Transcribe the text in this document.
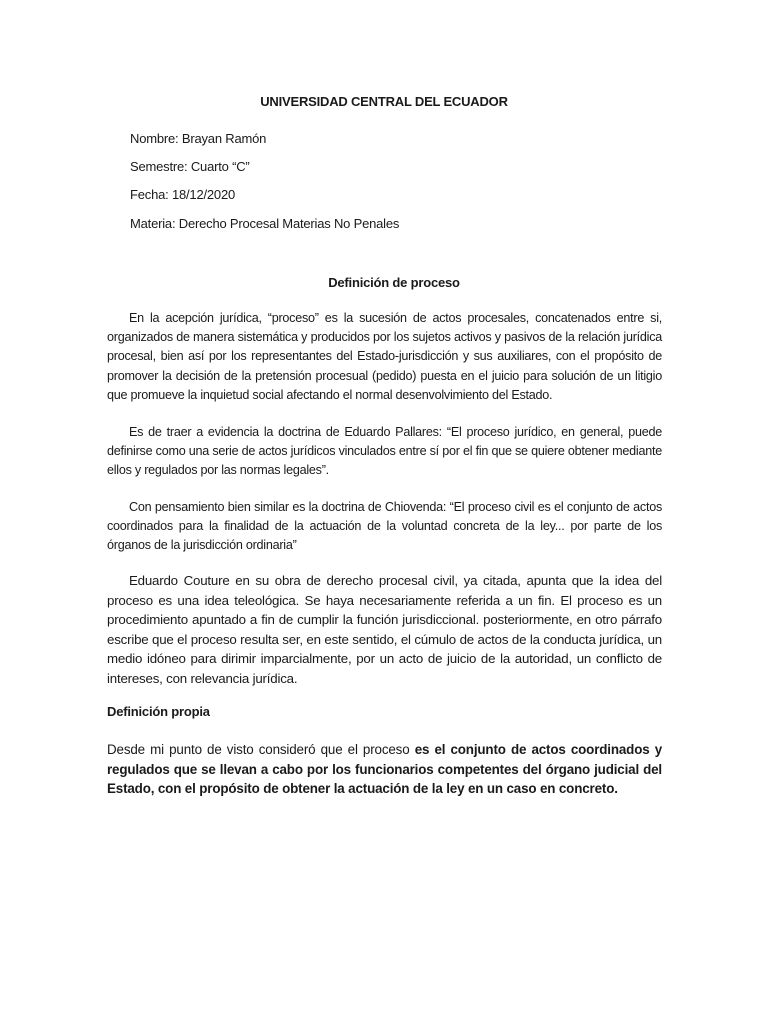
UNIVERSIDAD CENTRAL DEL ECUADOR
Nombre: Brayan Ramón
Semestre: Cuarto “C”
Fecha: 18/12/2020
Materia: Derecho Procesal Materias No Penales
Definición de proceso

En la acepción jurídica, “proceso” es la sucesión de actos procesales, concatenados entre si, organizados de manera sistemática y producidos por los sujetos activos y pasivos de la relación jurídica procesal, bien así por los representantes del Estado-jurisdicción y sus auxiliares, con el propósito de promover la decisión de la pretensión procesual (pedido) puesta en el juicio para solución de un litigio que promueve la inquietud social afectando el normal desenvolvimiento del Estado.

Es de traer a evidencia la doctrina de Eduardo Pallares: “El proceso jurídico, en general, puede definirse como una serie de actos jurídicos vinculados entre sí por el fin que se quiere obtener mediante ellos y regulados por las normas legales”.

Con pensamiento bien similar es la doctrina de Chiovenda: “El proceso civil es el conjunto de actos coordinados para la finalidad de la actuación de la voluntad concreta de la ley... por parte de los órganos de la jurisdicción ordinaria”

Eduardo Couture en su obra de derecho procesal civil, ya citada, apunta que la idea del proceso es una idea teleológica. Se haya necesariamente referida a un fin. El proceso es un procedimiento apuntado a fin de cumplir la función jurisdiccional. posteriormente, en otro párrafo escribe que el proceso resulta ser, en este sentido, el cúmulo de actos de la conducta jurídica, un medio idóneo para dirimir imparcialmente, por un acto de juicio de la autoridad, un conflicto de intereses, con relevancia jurídica.

Definición propia

Desde mi punto de visto consideró que el proceso es el conjunto de actos coordinados y regulados que se llevan a cabo por los funcionarios competentes del órgano judicial del Estado, con el propósito de obtener la actuación de la ley en un caso en concreto.
